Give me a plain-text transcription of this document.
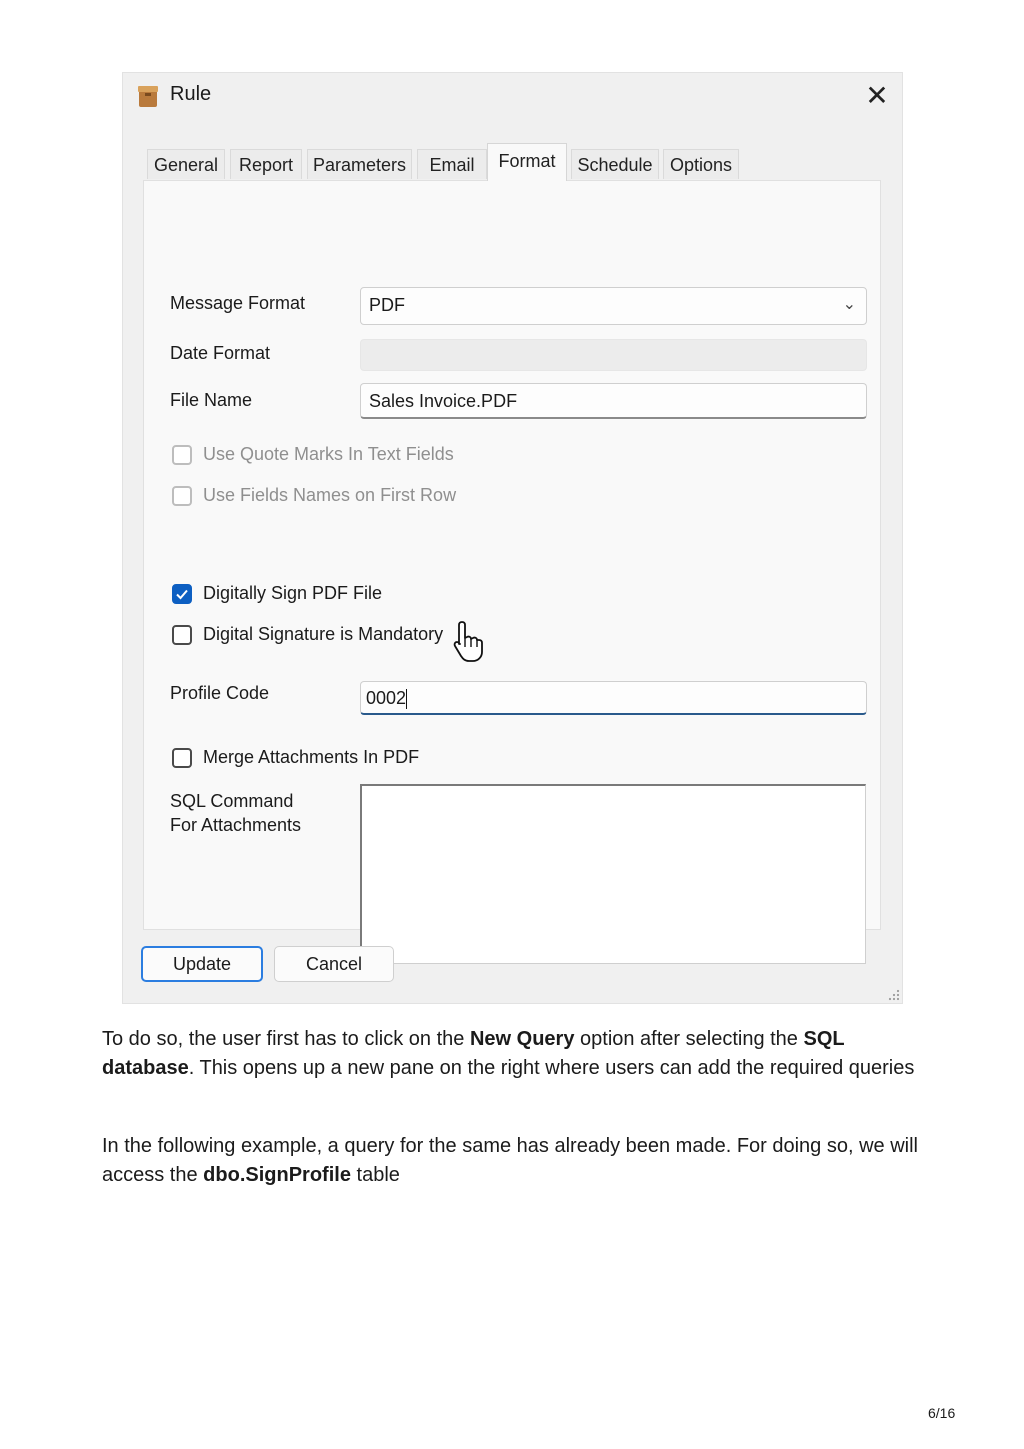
Rule	✕
General	Report	Parameters	Email	Format	Schedule Options
Message Format	PDF	⌄
Date Format
File Name	Sales Invoice.PDF
Use Quote Marks In Text Fields
Use Fields Names on First Row
Digitally Sign PDF File
Digital Signature is Mandatory
Profile Code	0002
Merge Attachments In PDF
SQL Command
For Attachments
Update	Cancel
To do so, the user first has to click on the New Query option after selecting the SQL database. This opens up a new pane on the right where users can add the required queries
In the following example, a query for the same has already been made. For doing so, we will access the dbo.SignProfile table
6/16
